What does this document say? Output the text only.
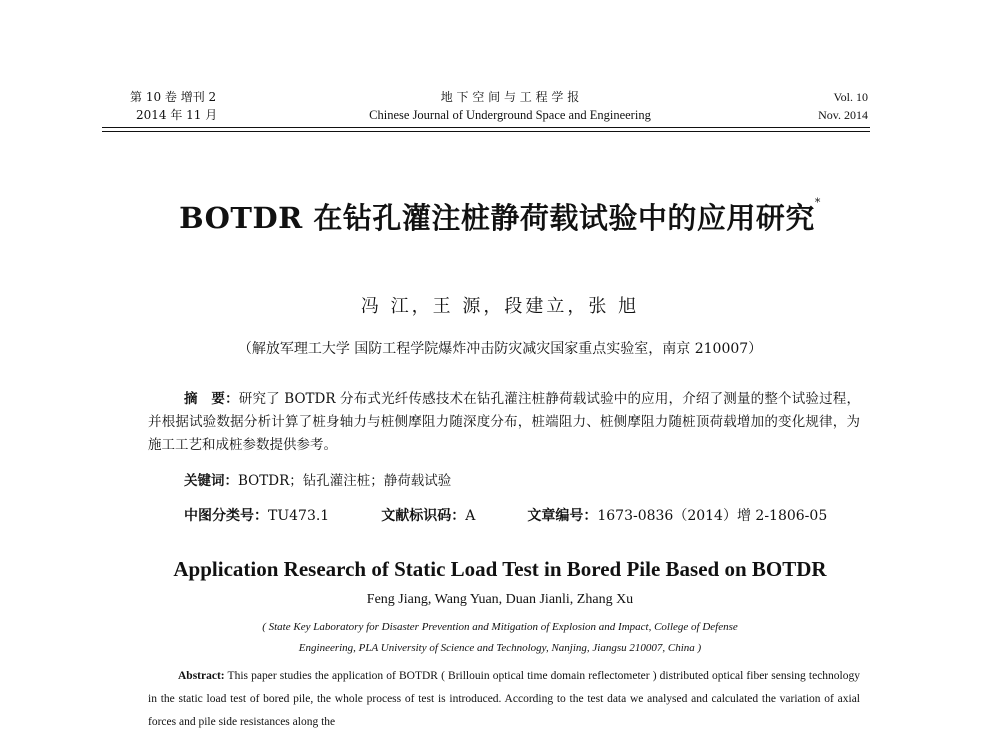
第 10 卷 增刊 2
2014 年 11 月
地 下 空 间 与 工 程 学 报
Chinese Journal of Underground Space and Engineering
Vol. 10
Nov. 2014
BOTDR 在钻孔灌注桩静荷载试验中的应用研究*
冯 江，王 源，段建立，张 旭
（解放军理工大学 国防工程学院爆炸冲击防灾减灾国家重点实验室，南京 210007）
摘　要：研究了 BOTDR 分布式光纤传感技术在钻孔灌注桩静荷载试验中的应用，介绍了测量的整个试验过程，并根据试验数据分析计算了桩身轴力与桩侧摩阻力随深度分布，桩端阻力、桩侧摩阻力随桩顶荷载增加的变化规律，为施工工艺和成桩参数提供参考。
关键词：BOTDR；钻孔灌注桩；静荷载试验
中图分类号：TU473.1	文献标识码：A	文章编号：1673-0836（2014）增 2-1806-05
Application Research of Static Load Test in Bored Pile Based on BOTDR
Feng Jiang, Wang Yuan, Duan Jianli, Zhang Xu
( State Key Laboratory for Disaster Prevention and Mitigation of Explosion and Impact, College of Defense
Engineering, PLA University of Science and Technology, Nanjing, Jiangsu 210007, China )
Abstract: This paper studies the application of BOTDR ( Brillouin optical time domain reflectometer ) distributed optical fiber sensing technology in the static load test of bored pile, the whole process of test is introduced. According to the test data we analysed and calculated the variation of axial forces and pile side resistances along the
